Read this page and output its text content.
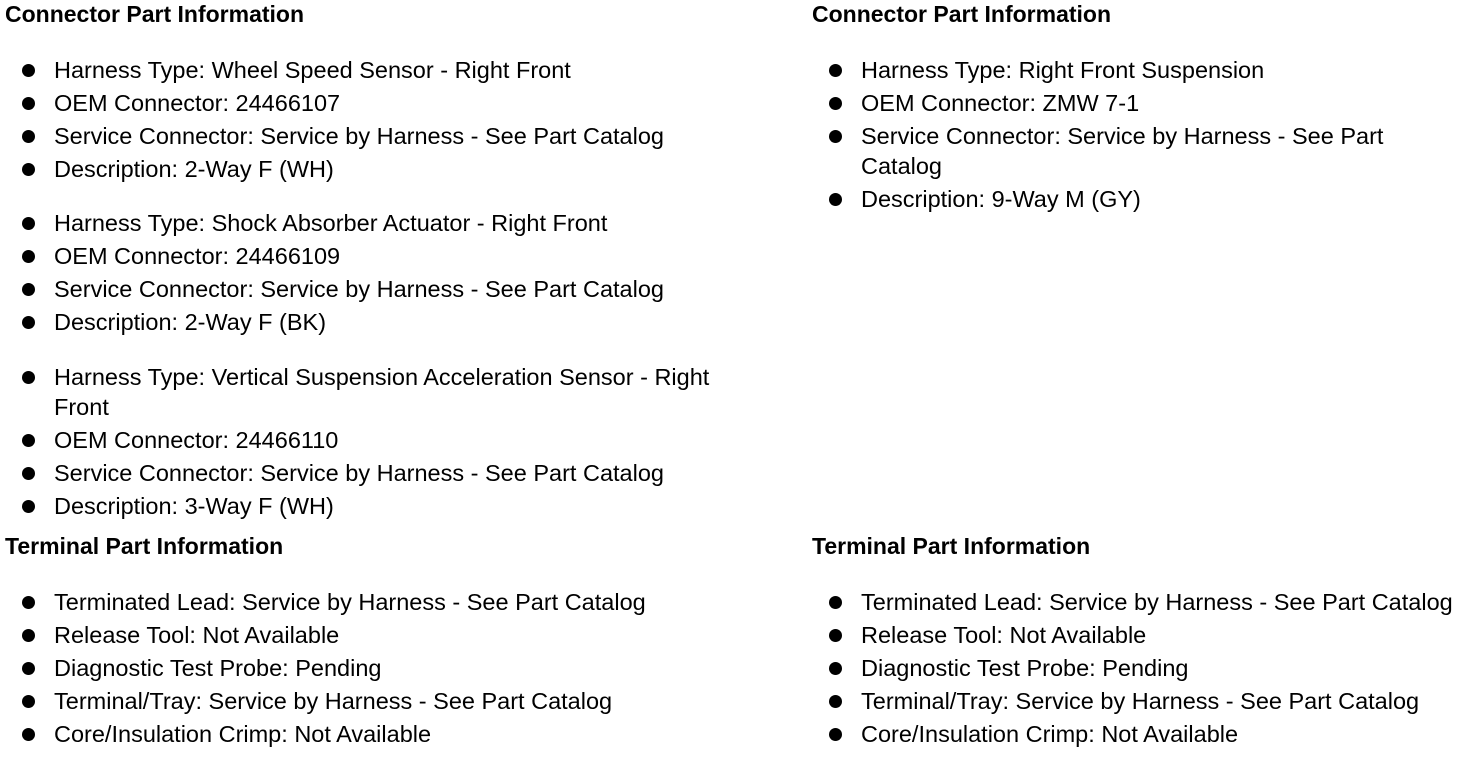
Connector Part Information
Harness Type: Wheel Speed Sensor - Right Front
OEM Connector: 24466107
Service Connector: Service by Harness - See Part Catalog
Description: 2-Way F (WH)
Harness Type: Shock Absorber Actuator - Right Front
OEM Connector: 24466109
Service Connector: Service by Harness - See Part Catalog
Description: 2-Way F (BK)
Harness Type: Vertical Suspension Acceleration Sensor - Right Front
OEM Connector: 24466110
Service Connector: Service by Harness - See Part Catalog
Description: 3-Way F (WH)
Terminal Part Information
Terminated Lead: Service by Harness - See Part Catalog
Release Tool: Not Available
Diagnostic Test Probe: Pending
Terminal/Tray: Service by Harness - See Part Catalog
Core/Insulation Crimp: Not Available
Connector Part Information
Harness Type: Right Front Suspension
OEM Connector: ZMW 7-1
Service Connector: Service by Harness - See Part Catalog
Description: 9-Way M (GY)
Terminal Part Information
Terminated Lead: Service by Harness - See Part Catalog
Release Tool: Not Available
Diagnostic Test Probe: Pending
Terminal/Tray: Service by Harness - See Part Catalog
Core/Insulation Crimp: Not Available
